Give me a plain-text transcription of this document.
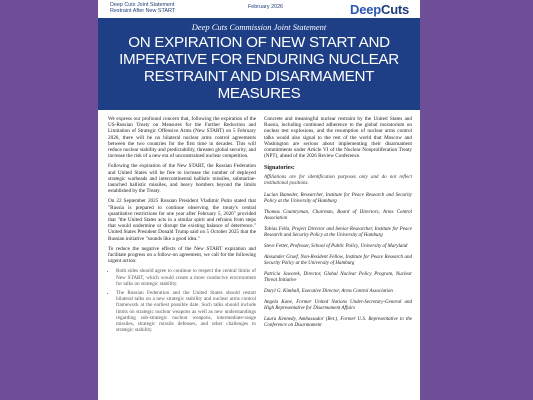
Deep Cuts Joint Statement
Restraint After New START
February 2026	DeepCuts
Deep Cuts Commission Joint Statement
ON EXPIRATION OF NEW START AND IMPERATIVE FOR ENDURING NUCLEAR RESTRAINT AND DISARMAMENT MEASURES

We express our profound concern that, following the expiration of the US-Russian Treaty on Measures for the Further Reduction and Limitation of Strategic Offensive Arms (New START) on 5 February 2026, there will be no bilateral nuclear arms control agreements between the two countries for the first time in decades. This will reduce nuclear stability and predictability, threaten global security, and increase the risk of a new era of unconstrained nuclear competition.

Following the expiration of the New START, the Russian Federation and United States will be free to increase the number of deployed strategic warheads and intercontinental ballistic missiles, submarine-launched ballistic missiles, and heavy bombers beyond the limits established by the Treaty.

On 22 September 2025 Russian President Vladimir Putin stated that "Russia is prepared to continue observing the treaty's central quantitative restrictions for one year after February 5, 2026" provided that "the United States acts in a similar spirit and refrains from steps that would undermine or disrupt the existing balance of deterrence." United States President Donald Trump said on 5 October 2025 that the Russian initiative "sounds like a good idea."

To reduce the negative effects of the New START expiration and facilitate progress on a follow-on agreement, we call for the following urgent action:

• Both sides should agree to continue to respect the central limits of New START, which would create a more conducive environment for talks on strategic stability.
• The Russian Federation and the United States should restart bilateral talks on a new strategic stability and nuclear arms control framework at the earliest possible date. Such talks should include limits on strategic nuclear weapons as well as new understandings regarding sub-strategic nuclear weapons, intermediate-range missiles, strategic missile defenses, and other challenges to strategic stability.

Concrete and meaningful nuclear restraint by the United States and Russia, including continued adherence to the global moratorium on nuclear test explosions, and the resumption of nuclear arms control talks would also signal to the rest of the world that Moscow and Washington are serious about implementing their disarmament commitments under Article VI of the Nuclear Nonproliferation Treaty (NPT), ahead of the 2026 Review Conference.

Signatories:

Affiliations are for identification purposes only and do not reflect institutional positions.

Lucian Bumeder, Researcher, Institute for Peace Research and Security Policy at the University of Hamburg

Thomas Countryman, Chairman, Board of Directors, Arms Control Association

Tobias Fella, Project Director and Senior Researcher, Institute for Peace Research and Security Policy at the University of Hamburg

Steve Fetter, Professor, School of Public Policy, University of Maryland

Alexander Graef, Non-Resident Fellow, Institute for Peace Research and Security Policy at the University of Hamburg

Patricia Jaworek, Director, Global Nuclear Policy Program, Nuclear Threat Initiative

Daryl G. Kimball, Executive Director, Arms Control Association

Angela Kane, Former United Nations Under-Secretary-General and High Representative for Disarmament Affairs

Laura Kennedy, Ambassador (Ret.), Former U.S. Representative to the Conference on Disarmament
